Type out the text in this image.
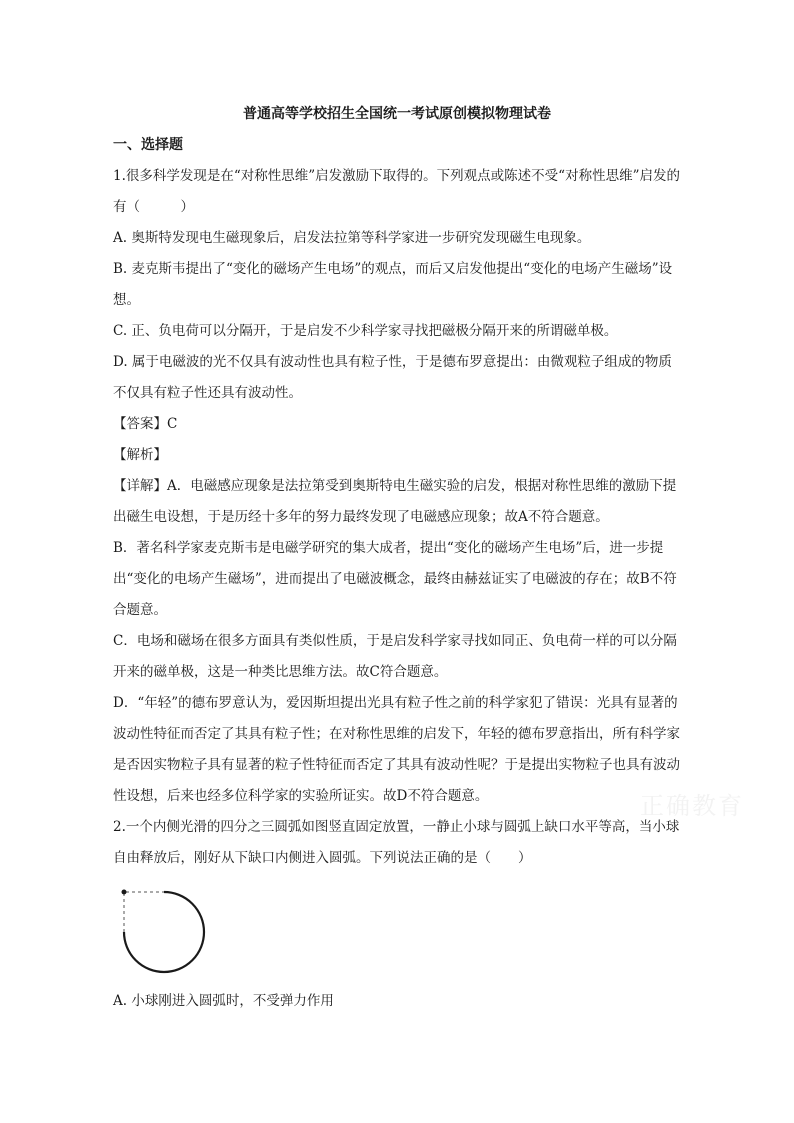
普通高等学校招生全国统一考试原创模拟物理试卷
一、选择题

1.很多科学发现是在“对称性思维”启发激励下取得的。下列观点或陈述不受“对称性思维”启发的有（　　　）

A. 奥斯特发现电生磁现象后，启发法拉第等科学家进一步研究发现磁生电现象。

B. 麦克斯韦提出了“变化的磁场产生电场”的观点，而后又启发他提出“变化的电场产生磁场”设想。

C. 正、负电荷可以分隔开，于是启发不少科学家寻找把磁极分隔开来的所谓磁单极。

D. 属于电磁波的光不仅具有波动性也具有粒子性，于是德布罗意提出：由微观粒子组成的物质不仅具有粒子性还具有波动性。

【答案】C

【解析】

【详解】A．电磁感应现象是法拉第受到奥斯特电生磁实验的启发，根据对称性思维的激励下提出磁生电设想，于是历经十多年的努力最终发现了电磁感应现象；故A不符合题意。

B．著名科学家麦克斯韦是电磁学研究的集大成者，提出“变化的磁场产生电场”后，进一步提出“变化的电场产生磁场”，进而提出了电磁波概念，最终由赫兹证实了电磁波的存在；故B不符合题意。

C．电场和磁场在很多方面具有类似性质，于是启发科学家寻找如同正、负电荷一样的可以分隔开来的磁单极，这是一种类比思维方法。故C符合题意。

D．“年轻”的德布罗意认为，爱因斯坦提出光具有粒子性之前的科学家犯了错误：光具有显著的波动性特征而否定了其具有粒子性；在对称性思维的启发下，年轻的德布罗意指出，所有科学家是否因实物粒子具有显著的粒子性特征而否定了其具有波动性呢？于是提出实物粒子也具有波动性设想，后来也经多位科学家的实验所证实。故D不符合题意。

2.一个内侧光滑的四分之三圆弧如图竖直固定放置，一静止小球与圆弧上缺口水平等高，当小球自由释放后，刚好从下缺口内侧进入圆弧。下列说法正确的是（　　）

A. 小球刚进入圆弧时，不受弹力作用

正确教育
